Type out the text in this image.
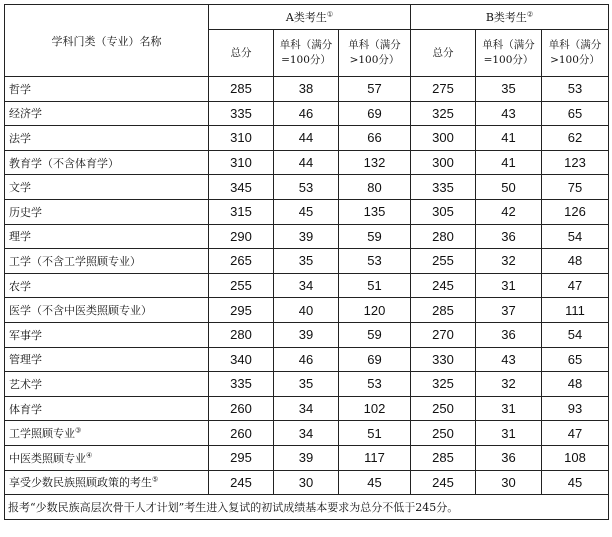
学科门类（专业）名称	A类考生①			B类考生②
	总分	单科（满分=100分）	单科（满分>100分）	总分	单科（满分=100分）	单科（满分>100分）
哲学	285	38	57	275	35	53
经济学	335	46	69	325	43	65
法学	310	44	66	300	41	62
教育学（不含体育学）	310	44	132	300	41	123
文学	345	53	80	335	50	75
历史学	315	45	135	305	42	126
理学	290	39	59	280	36	54
工学（不含工学照顾专业）	265	35	53	255	32	48
农学	255	34	51	245	31	47
医学（不含中医类照顾专业）	295	40	120	285	37	111
军事学	280	39	59	270	36	54
管理学	340	46	69	330	43	65
艺术学	335	35	53	325	32	48
体育学	260	34	102	250	31	93
工学照顾专业③	260	34	51	250	31	47
中医类照顾专业④	295	39	117	285	36	108
享受少数民族照顾政策的考生⑤	245	30	45	245	30	45
报考“少数民族高层次骨干人才计划”考生进入复试的初试成绩基本要求为总分不低于245分。						
